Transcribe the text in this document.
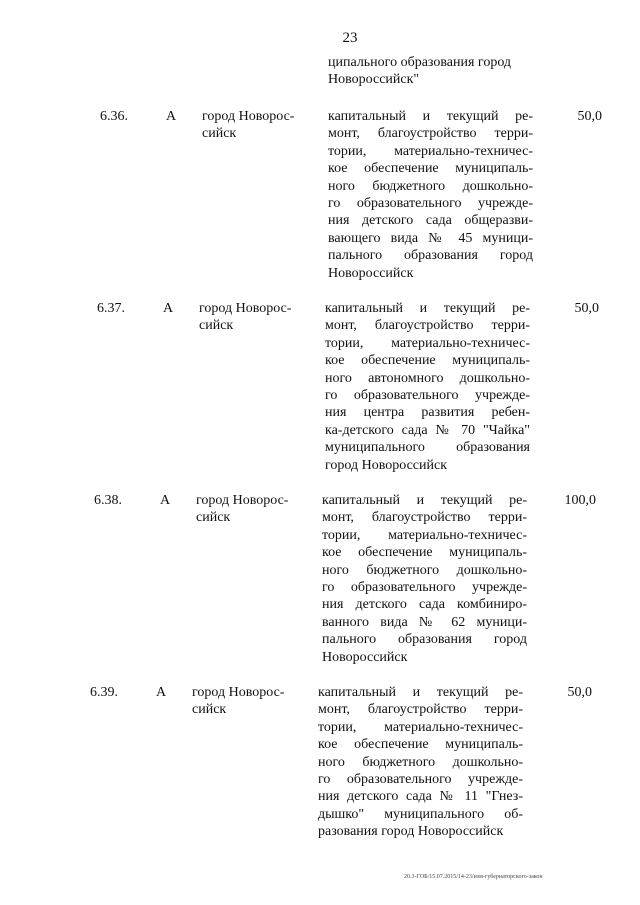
23
ципального образования город
Новороссийск"
6.36.	А город Новорос-
сийск
капитальный и текущий ре-
монт, благоустройство терри-
тории, материально-техничес-
кое обеспечение муниципаль-
ного бюджетного дошкольно-
го образовательного учрежде-
ния детского сада общеразви-
вающего вида № 45 муници-
пального образования город
Новороссийск
50,0
6.37.	А город Новорос-
сийск
капитальный и текущий ре-
монт, благоустройство терри-
тории, материально-техничес-
кое обеспечение муниципаль-
ного автономного дошкольно-
го образовательного учрежде-
ния центра развития ребен-
ка-детского сада № 70 "Чайка"
муниципального образования
город Новороссийск
50,0
6.38.	А город Новорос-
сийск
капитальный и текущий ре-
монт, благоустройство терри-
тории, материально-техничес-
кое обеспечение муниципаль-
ного бюджетного дошкольно-
го образовательного учрежде-
ния детского сада комбиниро-
ванного вида № 62 муници-
пального образования город
Новороссийск
100,0
6.39.	А город Новорос-
сийск
капитальный и текущий ре-
монт, благоустройство терри-
тории, материально-техничес-
кое обеспечение муниципаль-
ного бюджетного дошкольно-
го образовательного учрежде-
ния детского сада № 11 "Гнез-
дышко" муниципального об-
разования город Новороссийск
50,0
20.3-ГОБ/15.07.2015/14-23/изм-губернаторского-закон
